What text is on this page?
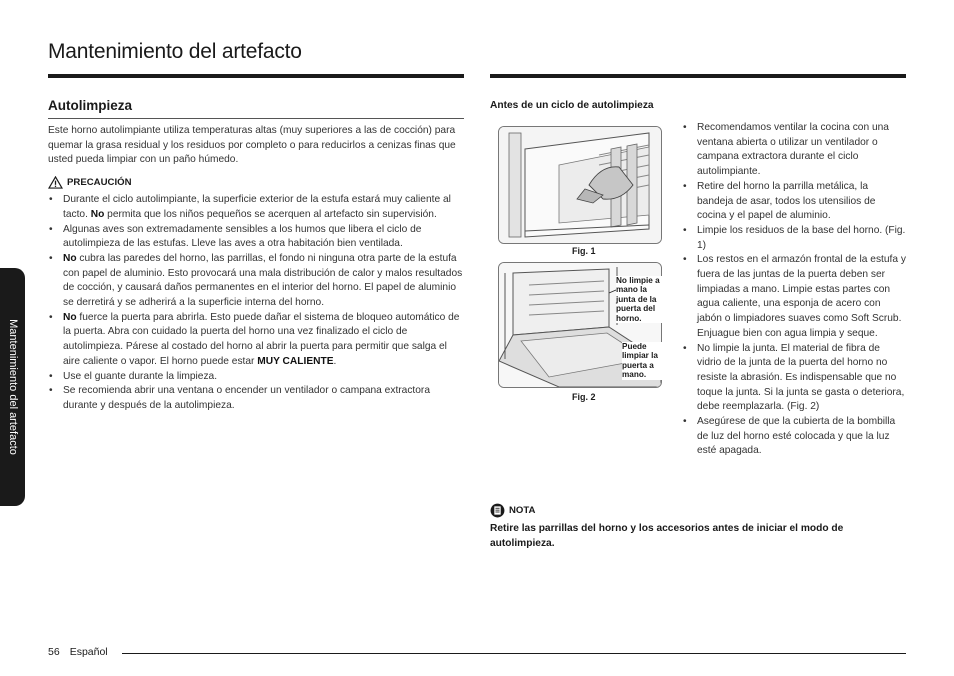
Mantenimiento del artefacto
Mantenimiento del artefacto
Autolimpieza

Este horno autolimpiante utiliza temperaturas altas (muy superiores a las de cocción) para quemar la grasa residual y los residuos por completo o para reducirlos a cenizas finas que usted pueda limpiar con un paño húmedo.

PRECAUCIÓN
• Durante el ciclo autolimpiante, la superficie exterior de la estufa estará muy caliente al tacto. No permita que los niños pequeños se acerquen al artefacto sin supervisión.
• Algunas aves son extremadamente sensibles a los humos que libera el ciclo de autolimpieza de las estufas. Lleve las aves a otra habitación bien ventilada.
• No cubra las paredes del horno, las parrillas, el fondo ni ninguna otra parte de la estufa con papel de aluminio. Esto provocará una mala distribución de calor y malos resultados de cocción, y causará daños permanentes en el interior del horno. El papel de aluminio se derretirá y se adherirá a la superficie interna del horno.
• No fuerce la puerta para abrirla. Esto puede dañar el sistema de bloqueo automático de la puerta. Abra con cuidado la puerta del horno una vez finalizado el ciclo de autolimpieza. Párese al costado del horno al abrir la puerta para permitir que salga el aire caliente o vapor. El horno puede estar MUY CALIENTE.
• Use el guante durante la limpieza.
• Se recomienda abrir una ventana o encender un ventilador o campana extractora durante y después de la autolimpieza.
Antes de un ciclo de autolimpieza
Fig. 1
No limpie a mano la junta de la puerta del horno.
Puede limpiar la puerta a mano.
Fig. 2
• Recomendamos ventilar la cocina con una ventana abierta o utilizar un ventilador o campana extractora durante el ciclo autolimpiante.
• Retire del horno la parrilla metálica, la bandeja de asar, todos los utensilios de cocina y el papel de aluminio.
• Limpie los residuos de la base del horno. (Fig. 1)
• Los restos en el armazón frontal de la estufa y fuera de las juntas de la puerta deben ser limpiadas a mano. Limpie estas partes con agua caliente, una esponja de acero con jabón o limpiadores suaves como Soft Scrub. Enjuague bien con agua limpia y seque.
• No limpie la junta. El material de fibra de vidrio de la junta de la puerta del horno no resiste la abrasión. Es indispensable que no toque la junta. Si la junta se gasta o deteriora, debe reemplazarla. (Fig. 2)
• Asegúrese de que la cubierta de la bombilla de luz del horno esté colocada y que la luz esté apagada.
NOTA

Retire las parrillas del horno y los accesorios antes de iniciar el modo de autolimpieza.

56 Español
